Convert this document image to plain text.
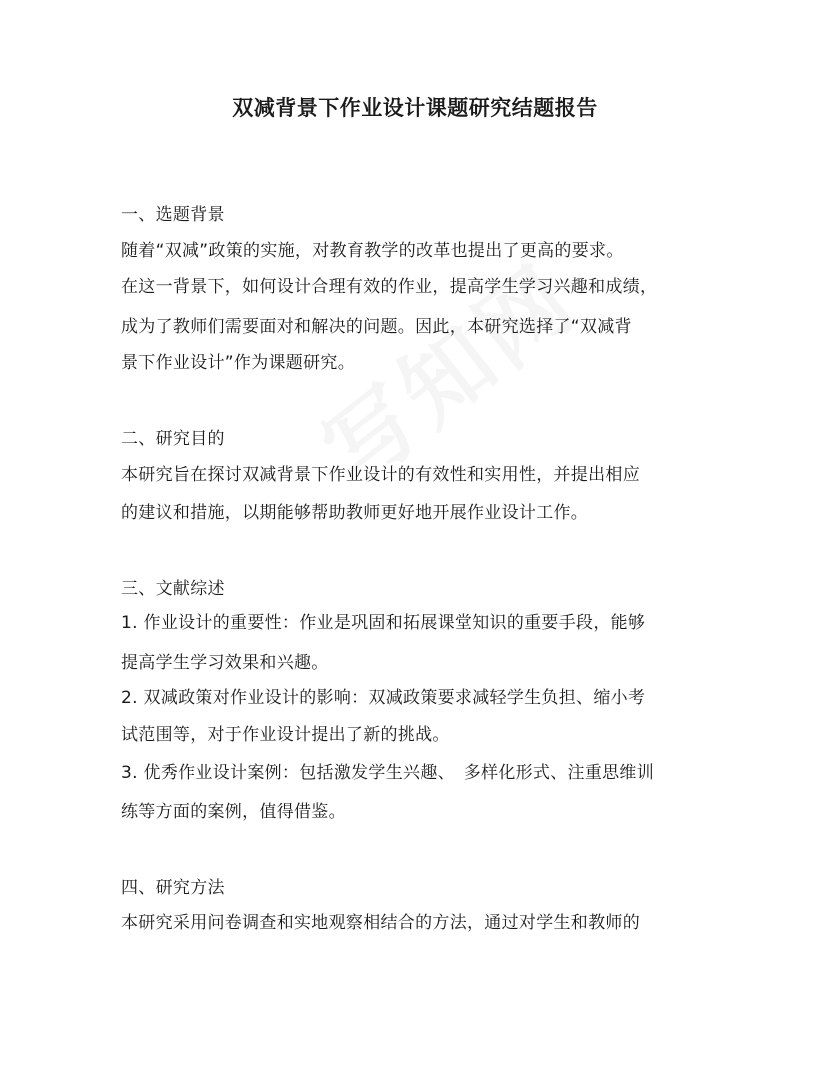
双减背景下作业设计课题研究结题报告
一、选题背景
随着“双减”政策的实施，对教育教学的改革也提出了更高的要求。
在这一背景下，如何设计合理有效的作业，提高学生学习兴趣和成绩，
成为了教师们需要面对和解决的问题。因此，本研究选择了“双减背
景下作业设计”作为课题研究。
二、研究目的
本研究旨在探讨双减背景下作业设计的有效性和实用性，并提出相应
的建议和措施，以期能够帮助教师更好地开展作业设计工作。
三、文献综述
1. 作业设计的重要性：作业是巩固和拓展课堂知识的重要手段，能够
提高学生学习效果和兴趣。
2. 双减政策对作业设计的影响：双减政策要求减轻学生负担、缩小考
试范围等，对于作业设计提出了新的挑战。
3. 优秀作业设计案例：包括激发学生兴趣、　多样化形式、注重思维训
练等方面的案例，值得借鉴。
四、研究方法
本研究采用问卷调查和实地观察相结合的方法，通过对学生和教师的
